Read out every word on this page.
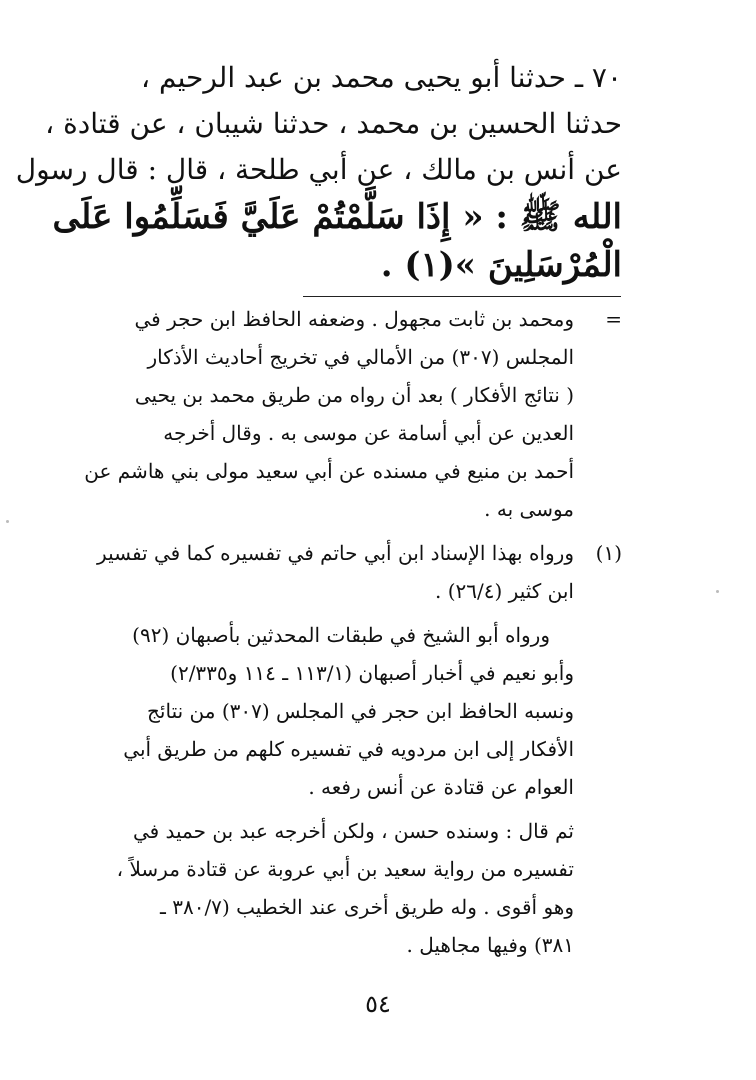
٧٠ ـ حدثنا أبو يحيى محمد بن عبد الرحيم ،
حدثنا الحسين بن محمد ، حدثنا شيبان ، عن قتادة ،
عن أنس بن مالك ، عن أبي طلحة ، قال : قال رسول
الله ﷺ : « إِذَا سَلَّمْتُمْ عَلَيَّ فَسَلِّمُوا عَلَى
الْمُرْسَلِينَ »(١) .
=
ومحمد بن ثابت مجهول . وضعفه الحافظ ابن حجر في
المجلس (٣٠٧) من الأمالي في تخريج أحاديث الأذكار
( نتائج الأفكار ) بعد أن رواه من طريق محمد بن يحيى
العدين عن أبي أسامة عن موسى به . وقال أخرجه
أحمد بن منيع في مسنده عن أبي سعيد مولى بني هاشم عن
موسى به .
(١)
ورواه بهذا الإسناد ابن أبي حاتم في تفسيره كما في تفسير
ابن كثير (٢٦/٤) .
ورواه أبو الشيخ في طبقات المحدثين بأصبهان (٩٢)
وأبو نعيم في أخبار أصبهان (١١٣/١ ـ ١١٤ و٢/٣٣٥)
ونسبه الحافظ ابن حجر في المجلس (٣٠٧) من نتائج
الأفكار إلى ابن مردويه في تفسيره كلهم من طريق أبي
العوام عن قتادة عن أنس رفعه .
ثم قال : وسنده حسن ، ولكن أخرجه عبد بن حميد في
تفسيره من رواية سعيد بن أبي عروبة عن قتادة مرسلاً ،
وهو أقوى . وله طريق أخرى عند الخطيب (٣٨٠/٧ ـ
٣٨١) وفيها مجاهيل .
٥٤
